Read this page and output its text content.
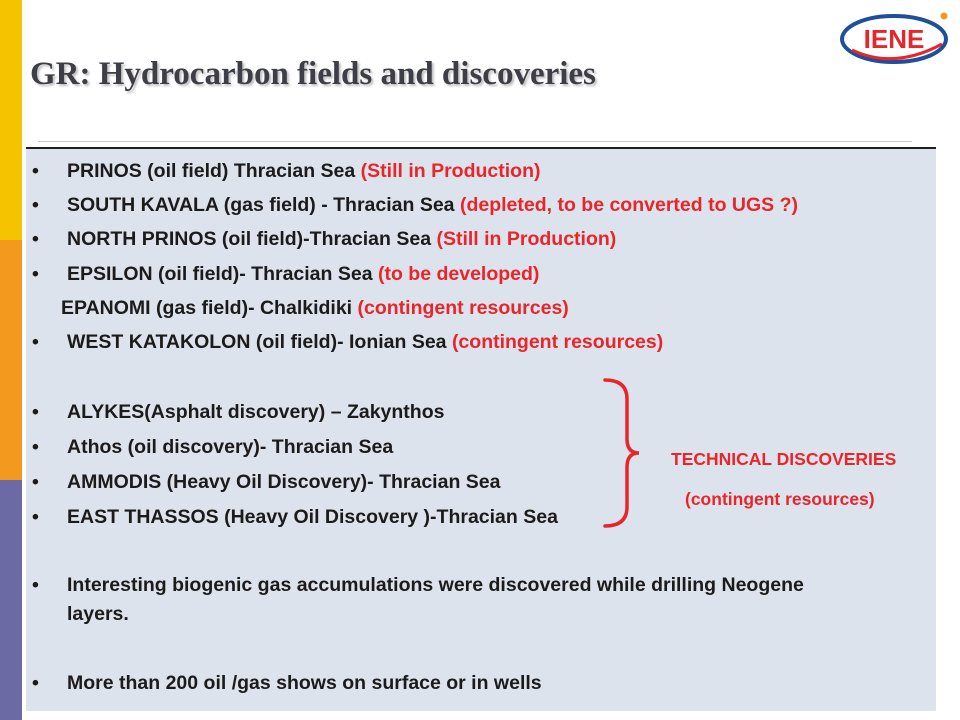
IENE
GR: Hydrocarbon fields and discoveries
• PRINOS (oil field) Thracian Sea (Still in Production)
• SOUTH KAVALA (gas field) - Thracian Sea (depleted, to be converted to UGS ?)
• NORTH PRINOS (oil field)-Thracian Sea (Still in Production)
• EPSILON (oil field)- Thracian Sea (to be developed)
EPANOMI (gas field)- Chalkidiki (contingent resources)
• WEST KATAKOLON (oil field)- Ionian Sea (contingent resources)
• ALYKES(Asphalt discovery) – Zakynthos
• Athos (oil discovery)- Thracian Sea
• AMMODIS (Heavy Oil Discovery)- Thracian Sea
• EAST THASSOS (Heavy Oil Discovery )-Thracian Sea
• Interesting biogenic gas accumulations were discovered while drilling Neogene
layers.
• More than 200 oil /gas shows on surface or in wells
TECHNICAL DISCOVERIES
(contingent resources)
